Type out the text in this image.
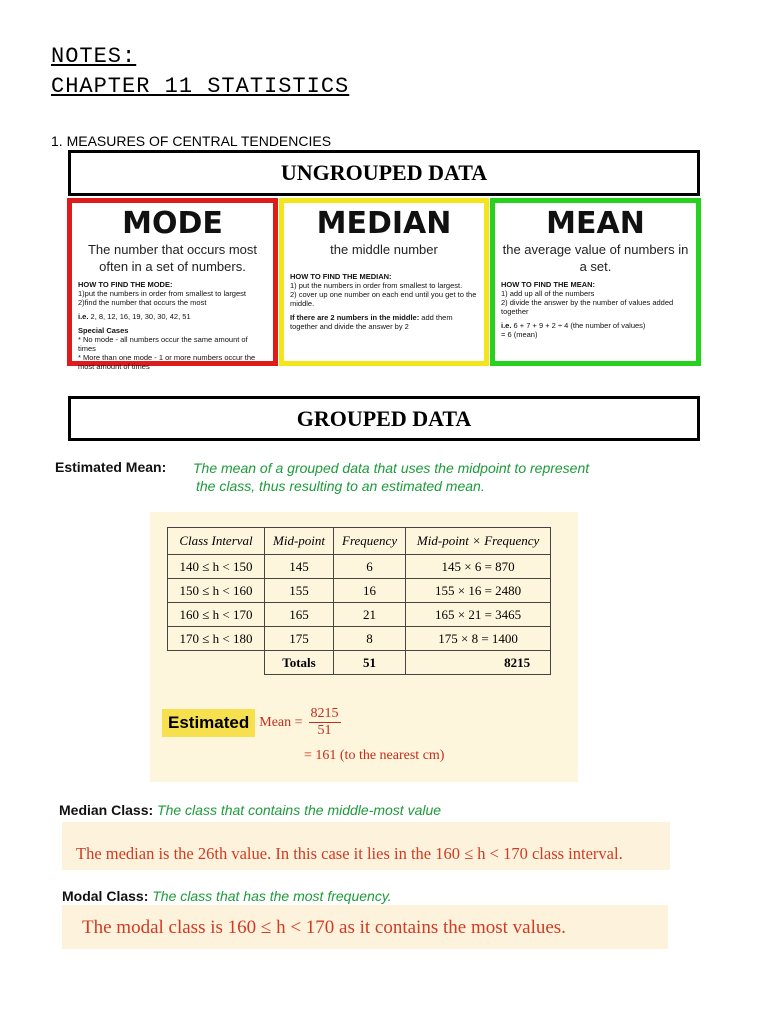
NOTES:
CHAPTER 11 STATISTICS
1. MEASURES OF CENTRAL TENDENCIES
UNGROUPED DATA
MODE
The number that occurs most often in a set of numbers.
HOW TO FIND THE MODE:
1)put the numbers in order from smallest to largest
2)find the number that occurs the most
i.e. 2, 8, 12, 16, 19, 30, 30, 42, 51
Special Cases
* No mode - all numbers occur the same amount of times
* More than one mode - 1 or more numbers occur the most amount of times
MEDIAN
the middle number
HOW TO FIND THE MEDIAN:
1) put the numbers in order from smallest to largest.
2) cover up one number on each end until you get to the middle.
If there are 2 numbers in the middle: add them together and divide the answer by 2
MEAN
the average value of numbers in a set.
HOW TO FIND THE MEAN:
1) add up all of the numbers
2) divide the answer by the number of values added together
i.e. 6 + 7 + 9 + 2 ÷ 4 (the number of values)
= 6 (mean)
GROUPED DATA
Estimated Mean: The mean of a grouped data that uses the midpoint to represent
the class, thus resulting to an estimated mean.
Class Interval	Mid-point	Frequency	Mid-point × Frequency
140 ≤ h < 150	145	6	145 × 6 = 870
150 ≤ h < 160	155	16	155 × 16 = 2480
160 ≤ h < 170	165	21	165 × 21 = 3465
170 ≤ h < 180	175	8	175 × 8 = 1400
	Totals	51	8215
Estimated Mean = $\frac{8215}{51}$
= 161 (to the nearest cm)
Median Class: The class that contains the middle-most value
The median is the 26th value. In this case it lies in the 160 ≤ h < 170 class interval.
Modal Class: The class that has the most frequency.
The modal class is 160 ≤ h < 170 as it contains the most values.
